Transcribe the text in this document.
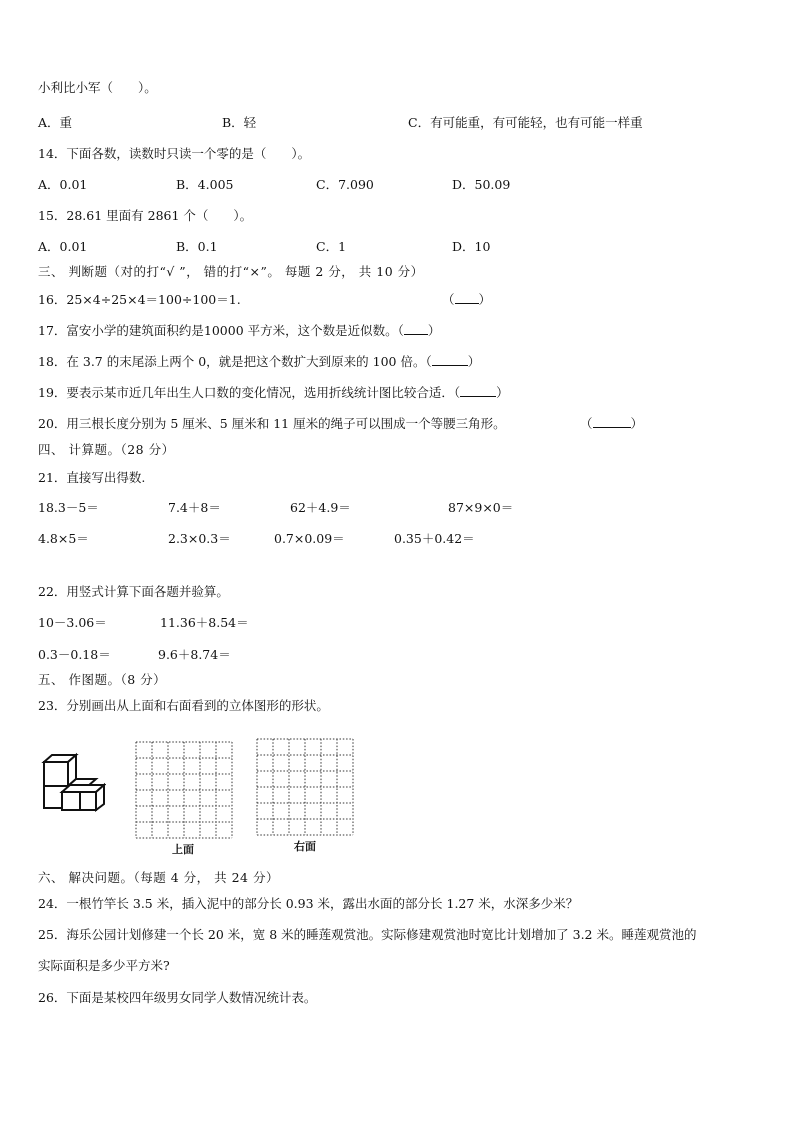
小利比小军（　　）。
A．重	B．轻	C．有可能重，有可能轻，也有可能一样重
14．下面各数，读数时只读一个零的是（　　）。
A．0.01	B．4.005	C．7.090	D．50.09
15．28.61 里面有 2861 个（　　）。
A．0.01	B．0.1	C．1	D．10
三、 判断题（对的打“√ ”， 错的打“×”。 每题 2 分， 共 10 分）
16．25×4÷25×4＝100÷100＝1.	（ ）
17．富安小学的建筑面积约是10000 平方米，这个数是近似数。（ ）
18．在 3.7 的末尾添上两个 0，就是把这个数扩大到原来的 100 倍。（	）
19．要表示某市近几年出生人口数的变化情况，选用折线统计图比较合适．（	）
20．用三根长度分别为 5 厘米、5 厘米和 11 厘米的绳子可以围成一个等腰三角形。	（	）
四、 计算题。（28 分）
21．直接写出得数.
18.3－5＝	7.4＋8＝	62＋4.9＝	87×9×0＝
4.8×5＝	2.3×0.3＝	0.7×0.09＝	0.35＋0.42＝
22．用竖式计算下面各题并验算。
10－3.06＝	11.36＋8.54＝
0.3－0.18＝	9.6＋8.74＝
五、 作图题。（8 分）
23．分别画出从上面和右面看到的立体图形的形状。
上面	右面
六、 解决问题。（每题 4 分， 共 24 分）
24．一根竹竿长 3.5 米，插入泥中的部分长 0.93 米，露出水面的部分长 1.27 米，水深多少米？
25．海乐公园计划修建一个长 20 米，宽 8 米的睡莲观赏池。实际修建观赏池时宽比计划增加了 3.2 米。睡莲观赏池的
实际面积是多少平方米?
26．下面是某校四年级男女同学人数情况统计表。
